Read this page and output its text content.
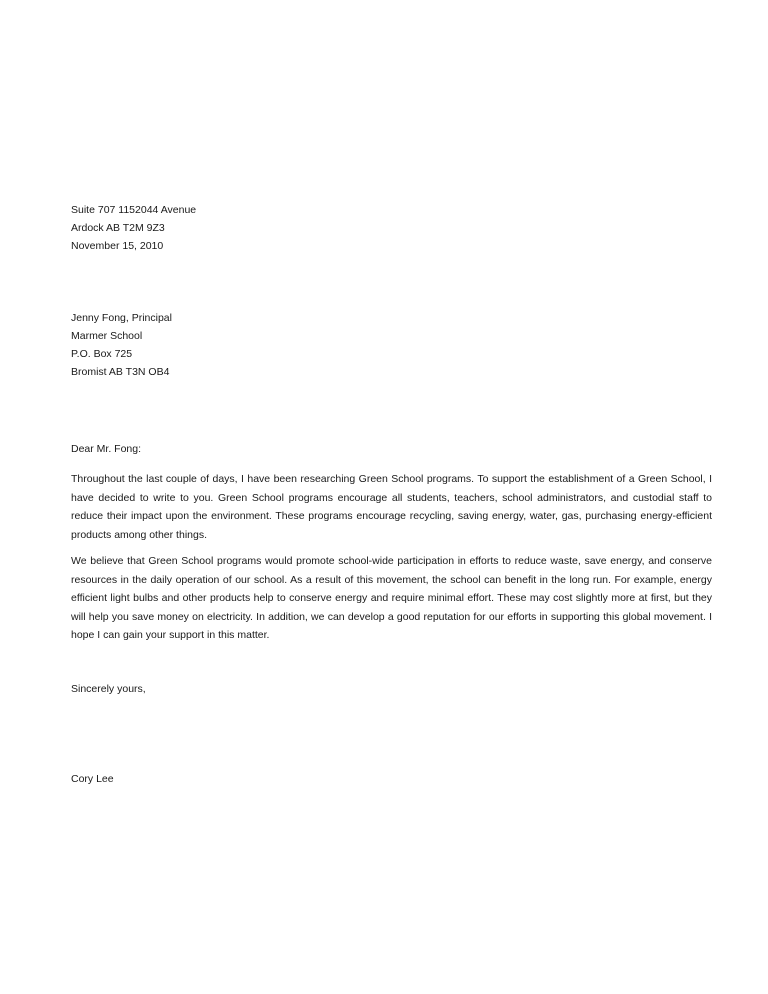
Suite 707 1152044 Avenue
Ardock AB T2M 9Z3
November 15, 2010
Jenny Fong, Principal
Marmer School
P.O. Box 725
Bromist AB T3N OB4
Dear Mr. Fong:
Throughout the last couple of days, I have been researching Green School programs. To support the establishment of a Green School, I have decided to write to you. Green School programs encourage all students, teachers, school administrators, and custodial staff to reduce their impact upon the environment. These programs encourage recycling, saving energy, water, gas, purchasing energy-efficient products among other things.
We believe that Green School programs would promote school-wide participation in efforts to reduce waste, save energy, and conserve resources in the daily operation of our school. As a result of this movement, the school can benefit in the long run. For example, energy efficient light bulbs and other products help to conserve energy and require minimal effort. These may cost slightly more at first, but they will help you save money on electricity. In addition, we can develop a good reputation for our efforts in supporting this global movement. I hope I can gain your support in this matter.
Sincerely yours,
Cory Lee
